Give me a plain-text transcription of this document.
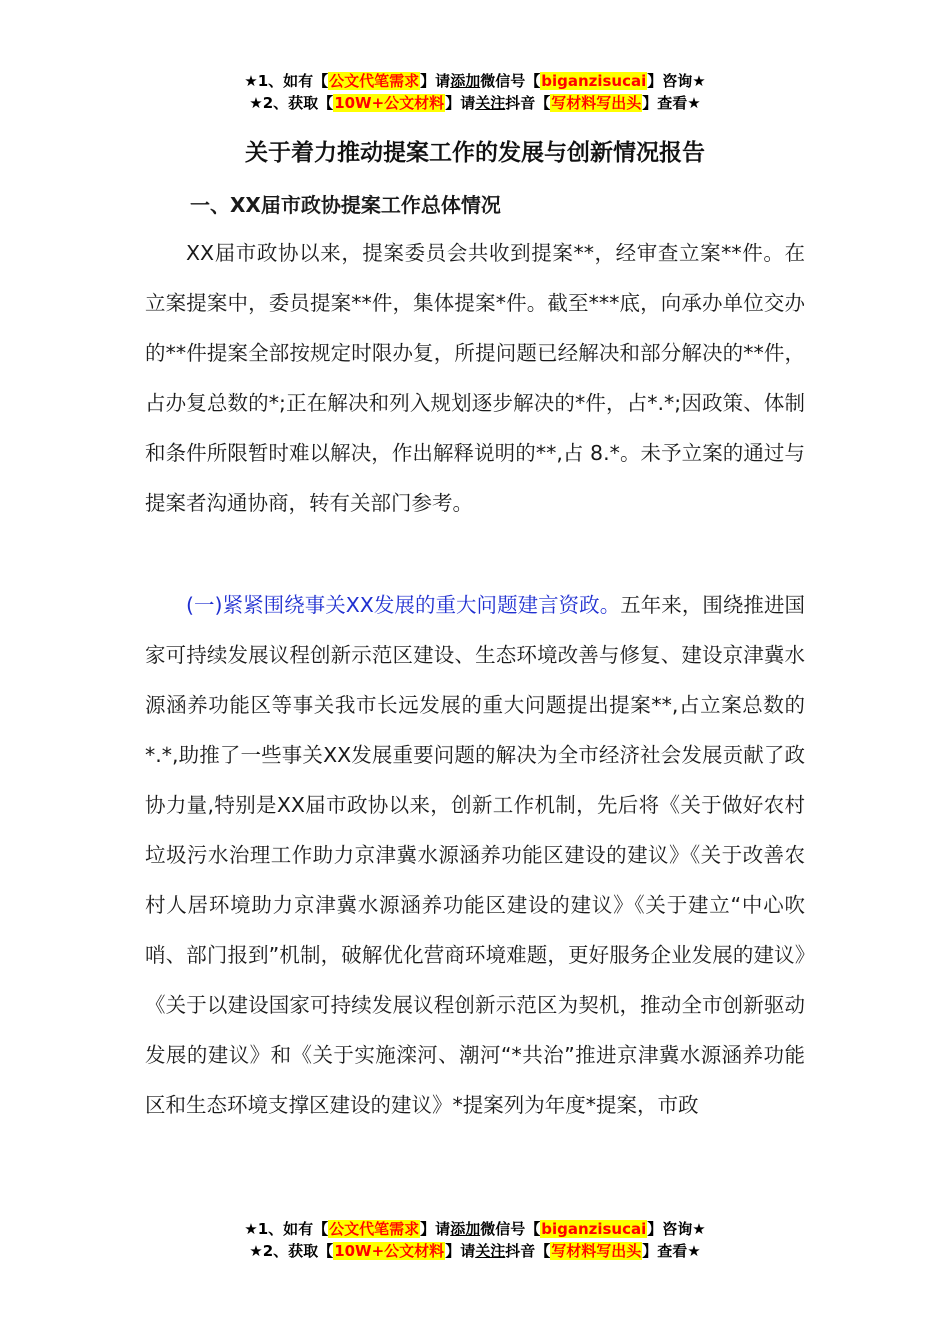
★1、如有【公文代笔需求】请添加微信号【biganzisucai】咨询★
★2、获取【10W+公文材料】请关注抖音【写材料写出头】查看★
关于着力推动提案工作的发展与创新情况报告
一、XX届市政协提案工作总体情况

XX届市政协以来，提案委员会共收到提案**，经审查立案**件。在立案提案中，委员提案**件，集体提案*件。截至***底，向承办单位交办的**件提案全部按规定时限办复，所提问题已经解决和部分解决的**件，占办复总数的*;正在解决和列入规划逐步解决的*件，占*.*;因政策、体制和条件所限暂时难以解决，作出解释说明的**,占 8.*。未予立案的通过与提案者沟通协商，转有关部门参考。

(一)紧紧围绕事关XX发展的重大问题建言资政。五年来，围绕推进国家可持续发展议程创新示范区建设、生态环境改善与修复、建设京津冀水源涵养功能区等事关我市长远发展的重大问题提出提案**,占立案总数的*.*,助推了一些事关XX发展重要问题的解决为全市经济社会发展贡献了政协力量,特别是XX届市政协以来，创新工作机制，先后将《关于做好农村垃圾污水治理工作助力京津冀水源涵养功能区建设的建议》《关于改善农村人居环境助力京津冀水源涵养功能区建设的建议》《关于建立“中心吹哨、部门报到”机制，破解优化营商环境难题，更好服务企业发展的建议》《关于以建设国家可持续发展议程创新示范区为契机，推动全市创新驱动发展的建议》和《关于实施滦河、潮河“*共治”推进京津冀水源涵养功能区和生态环境支撑区建设的建议》*提案列为年度*提案，市政

★1、如有【公文代笔需求】请添加微信号【biganzisucai】咨询★
★2、获取【10W+公文材料】请关注抖音【写材料写出头】查看★
